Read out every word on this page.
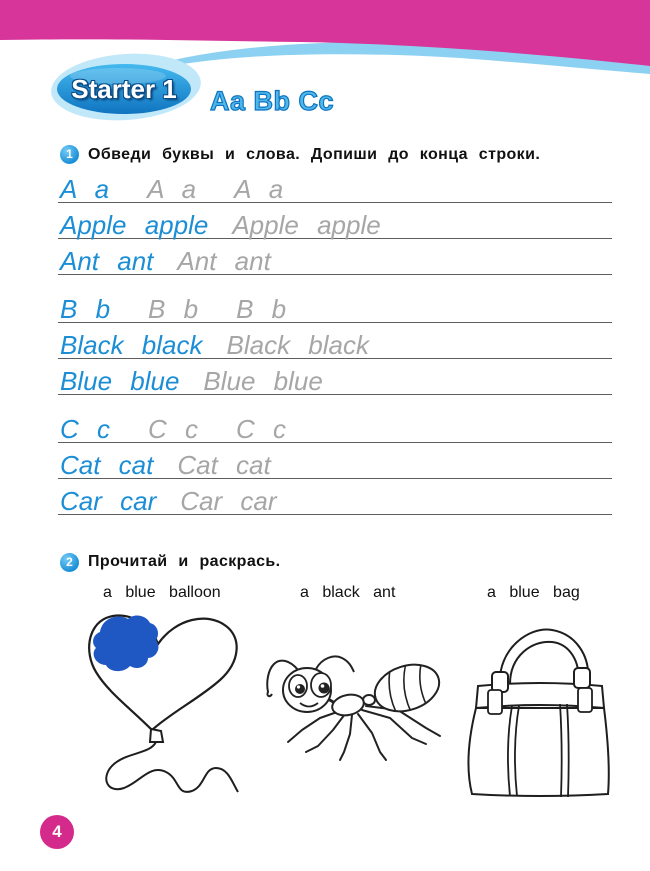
Starter 1	Aa Bb Cc
1 Обведи буквы и слова. Допиши до конца строки.
A a A a A a
Apple apple Apple apple
Ant ant Ant ant
B b B b B b
Black black Black black
Blue blue Blue blue
C c C c C c
Cat cat Cat cat
Car car Car car
2 Прочитай и раскрась.
a blue balloon	a black ant	a blue bag
4
